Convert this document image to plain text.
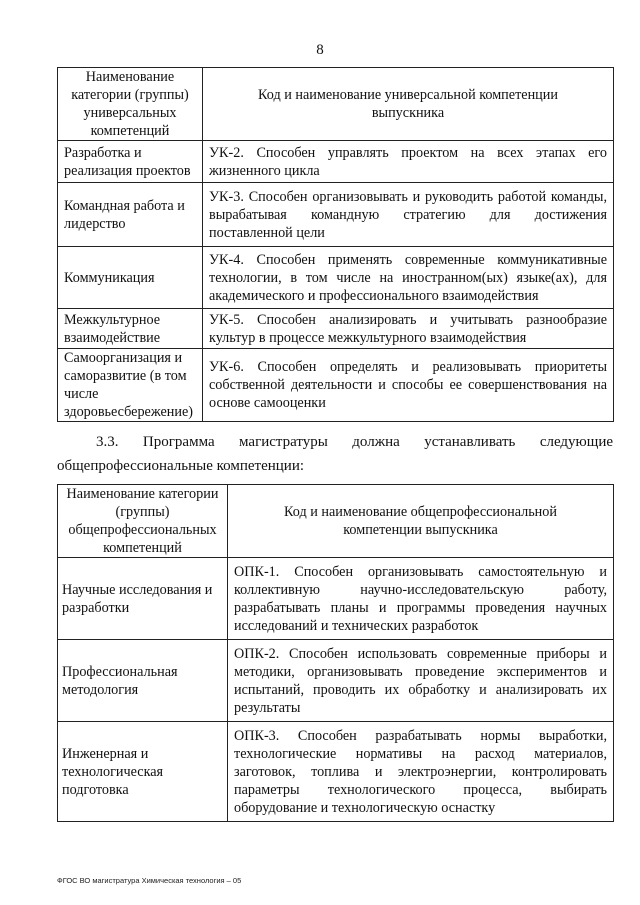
8
Наименование категории (группы) универсальных компетенций	Код и наименование универсальной компетенции выпускника
Разработка и реализация проектов	УК-2. Способен управлять проектом на всех этапах его жизненного цикла
Командная работа и лидерство	УК-3. Способен организовывать и руководить работой команды, вырабатывая командную стратегию для достижения поставленной цели
Коммуникация	УК-4. Способен применять современные коммуникативные технологии, в том числе на иностранном(ых) языке(ах), для академического и профессионального взаимодействия
Межкультурное взаимодействие	УК-5. Способен анализировать и учитывать разнообразие культур в процессе межкультурного взаимодействия
Самоорганизация и саморазвитие (в том числе здоровьесбережение)	УК-6. Способен определять и реализовывать приоритеты собственной деятельности и способы ее совершенствования на основе самооценки
3.3. Программа магистратуры должна устанавливать следующие
общепрофессиональные компетенции:
Наименование категории (группы) общепрофессиональных компетенций	Код и наименование общепрофессиональной компетенции выпускника
Научные исследования и разработки	ОПК-1. Способен организовывать самостоятельную и коллективную научно-исследовательскую работу, разрабатывать планы и программы проведения научных исследований и технических разработок
Профессиональная методология	ОПК-2. Способен использовать современные приборы и методики, организовывать проведение экспериментов и испытаний, проводить их обработку и анализировать их результаты
Инженерная и технологическая подготовка	ОПК-3. Способен разрабатывать нормы выработки, технологические нормативы на расход материалов, заготовок, топлива и электроэнергии, контролировать параметры технологического процесса, выбирать оборудование и технологическую оснастку
ФГОС ВО магистратура Химическая технология – 05
